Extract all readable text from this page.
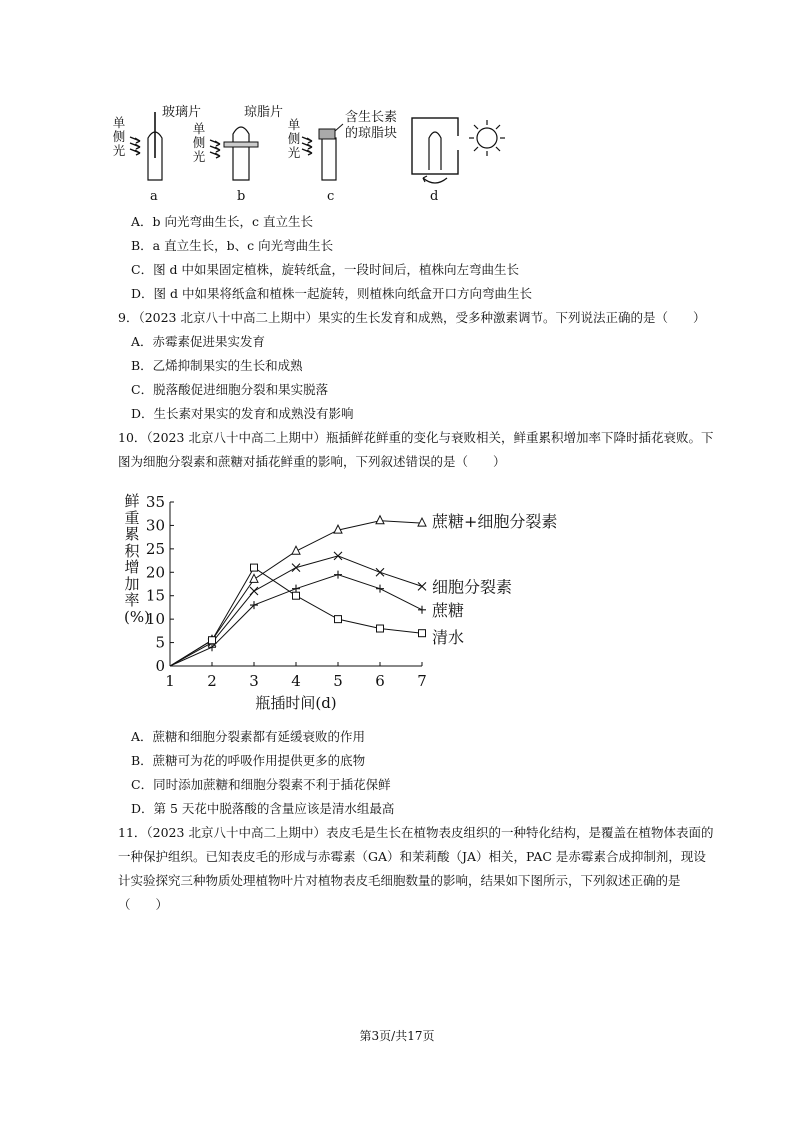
单侧光
单侧光
单侧光
玻璃片	琼脂片	含生长素
的琼脂块
a	b	c	d
A．b 向光弯曲生长，c 直立生长
B．a 直立生长，b、c 向光弯曲生长
C．图 d 中如果固定植株，旋转纸盒，一段时间后，植株向左弯曲生长
D．图 d 中如果将纸盒和植株一起旋转，则植株向纸盒开口方向弯曲生长
9．（2023 北京八十中高二上期中）果实的生长发育和成熟，受多种激素调节。下列说法正确的是（　　）
A．赤霉素促进果实发育
B．乙烯抑制果实的生长和成熟
C．脱落酸促进细胞分裂和果实脱落
D．生长素对果实的发育和成熟没有影响
10．（2023 北京八十中高二上期中）瓶插鲜花鲜重的变化与衰败相关，鲜重累积增加率下降时插花衰败。下
图为细胞分裂素和蔗糖对插花鲜重的影响，下列叙述错误的是（　　）
鲜重累积增加率(%)
0
5
10
15
20
25
30
35
1 2 3 4 5 6 7
瓶插时间(d)
蔗糖+细胞分裂素
细胞分裂素
蔗糖
清水
A．蔗糖和细胞分裂素都有延缓衰败的作用
B．蔗糖可为花的呼吸作用提供更多的底物
C．同时添加蔗糖和细胞分裂素不利于插花保鲜
D．第 5 天花中脱落酸的含量应该是清水组最高
11．（2023 北京八十中高二上期中）表皮毛是生长在植物表皮组织的一种特化结构，是覆盖在植物体表面的
一种保护组织。已知表皮毛的形成与赤霉素（GA）和茉莉酸（JA）相关，PAC 是赤霉素合成抑制剂，现设
计实验探究三种物质处理植物叶片对植物表皮毛细胞数量的影响，结果如下图所示，下列叙述正确的是
（　　）
第3页/共17页
